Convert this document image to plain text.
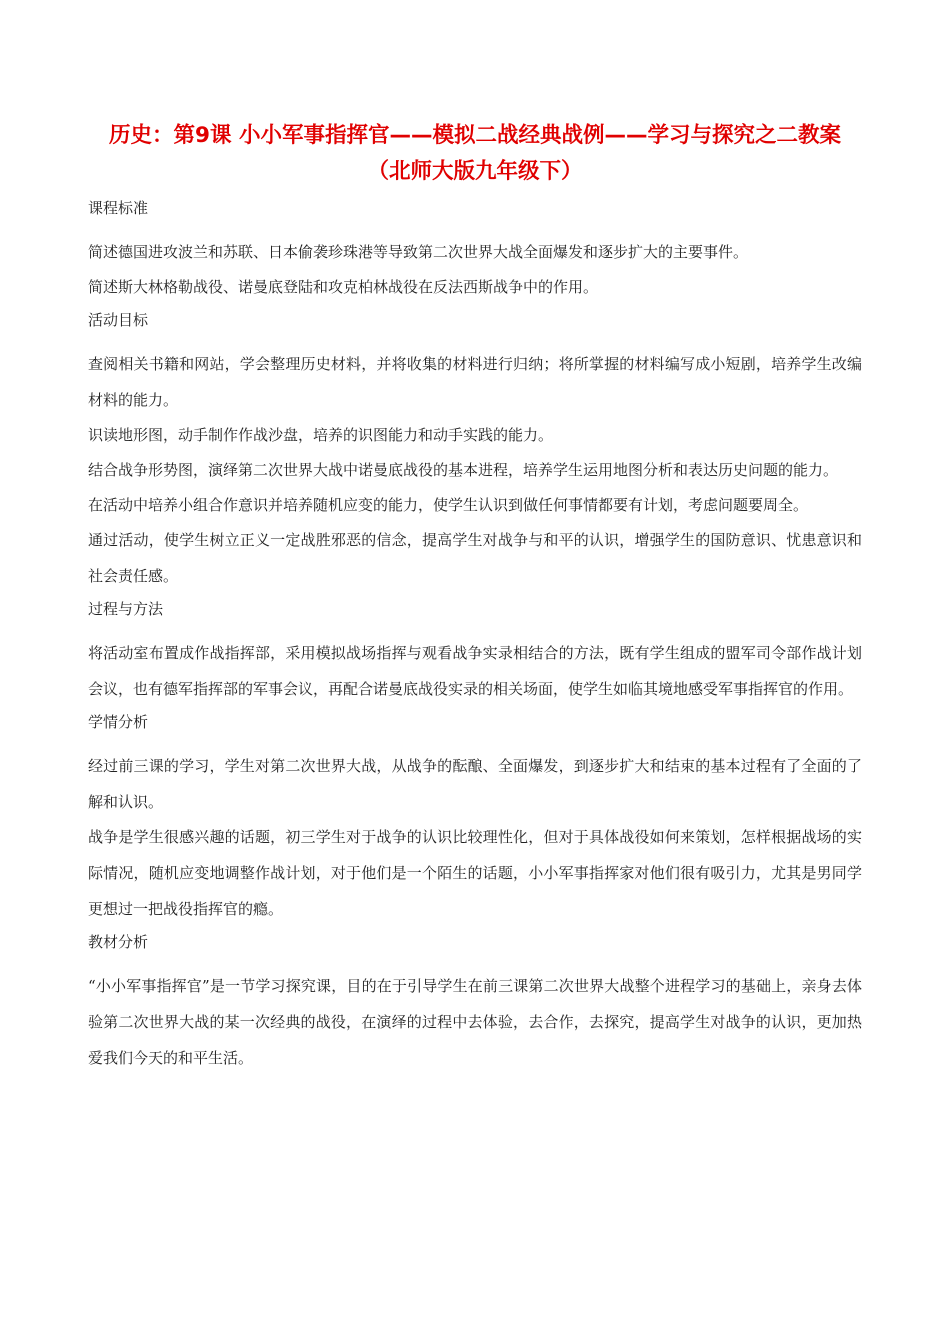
历史：第9课 小小军事指挥官——模拟二战经典战例——学习与探究之二教案
（北师大版九年级下）

课程标准

简述德国进攻波兰和苏联、日本偷袭珍珠港等导致第二次世界大战全面爆发和逐步扩大的主要事件。

简述斯大林格勒战役、诺曼底登陆和攻克柏林战役在反法西斯战争中的作用。

活动目标

查阅相关书籍和网站，学会整理历史材料，并将收集的材料进行归纳；将所掌握的材料编写成小短剧，培养学生改编材料的能力。

识读地形图，动手制作作战沙盘，培养的识图能力和动手实践的能力。

结合战争形势图，演绎第二次世界大战中诺曼底战役的基本进程，培养学生运用地图分析和表达历史问题的能力。

在活动中培养小组合作意识并培养随机应变的能力，使学生认识到做任何事情都要有计划，考虑问题要周全。

通过活动，使学生树立正义一定战胜邪恶的信念，提高学生对战争与和平的认识，增强学生的国防意识、忧患意识和社会责任感。

过程与方法

将活动室布置成作战指挥部，采用模拟战场指挥与观看战争实录相结合的方法，既有学生组成的盟军司令部作战计划会议，也有德军指挥部的军事会议，再配合诺曼底战役实录的相关场面，使学生如临其境地感受军事指挥官的作用。

学情分析

经过前三课的学习，学生对第二次世界大战，从战争的酝酿、全面爆发，到逐步扩大和结束的基本过程有了全面的了解和认识。

战争是学生很感兴趣的话题，初三学生对于战争的认识比较理性化，但对于具体战役如何来策划，怎样根据战场的实际情况，随机应变地调整作战计划，对于他们是一个陌生的话题，小小军事指挥家对他们很有吸引力，尤其是男同学更想过一把战役指挥官的瘾。

教材分析

“小小军事指挥官”是一节学习探究课，目的在于引导学生在前三课第二次世界大战整个进程学习的基础上，亲身去体验第二次世界大战的某一次经典的战役，在演绎的过程中去体验，去合作，去探究，提高学生对战争的认识，更加热爱我们今天的和平生活。
